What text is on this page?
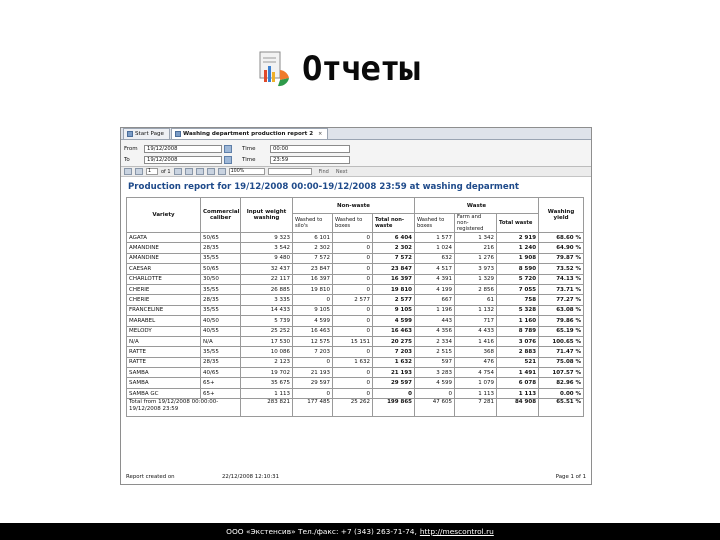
Отчеты
Start Page	Washing department production report 2 ×
From	19/12/2008	Time	00:00
To	19/12/2008	Time	23:59
1	of 1	100%	Find Next
Production report for 19/12/2008 00:00-19/12/2008 23:59 at washing deparment
Variety	Commercial caliber	Input weight washing	Non-waste			Waste			Washing yield
			Washed to silo's	Washed to boxes	Total non-waste	Washed to boxes	Farm and non-registered	Total waste	
AGATA	50/65	9 323	6 101	0	6 404	1 577	1 342	2 919	68.60 %
AMANDINE	28/35	3 542	2 302	0	2 302	1 024	216	1 240	64.90 %
AMANDINE	35/55	9 480	7 572	0	7 572	632	1 276	1 908	79.87 %
CAESAR	50/65	32 437	23 847	0	23 847	4 517	3 973	8 590	73.52 %
CHARLOTTE	30/50	22 117	16 397	0	16 397	4 391	1 329	5 720	74.13 %
CHERIE	35/55	26 885	19 810	0	19 810	4 199	2 856	7 055	73.71 %
CHERIE	28/35	3 335	0	2 577	2 577	667	61	758	77.27 %
FRANCELINE	35/55	14 433	9 105	0	9 105	1 196	1 132	5 328	63.08 %
MARABEL	40/50	5 739	4 599	0	4 599	443	717	1 160	79.86 %
MELODY	40/55	25 252	16 463	0	16 463	4 356	4 433	8 789	65.19 %
N/A	N/A	17 530	12 575	15 151	20 275	2 334	1 416	3 076	100.65 %
RATTE	35/55	10 086	7 203	0	7 203	2 515	368	2 883	71.47 %
RATTE	28/35	2 123	0	1 632	1 632	597	476	521	75.08 %
SAMBA	40/65	19 702	21 193	0	21 193	3 283	4 754	1 491	107.57 %
SAMBA	65+	35 675	29 597	0	29 597	4 599	1 079	6 078	82.96 %
SAMBA GC	65+	1 113	0	0	0	0	1 113	1 113	0.00 %
Total from 19/12/2008 00:00:00-19/12/2008 23:59		283 821	177 485	25 262	199 865	47 605	7 281	84 908	65.51 %
Report created on	22/12/2008 12:10:31	Page 1 of 1
ООО «Экстенсив» Тел./факс: +7 (343) 263-71-74, http://mescontrol.ru
